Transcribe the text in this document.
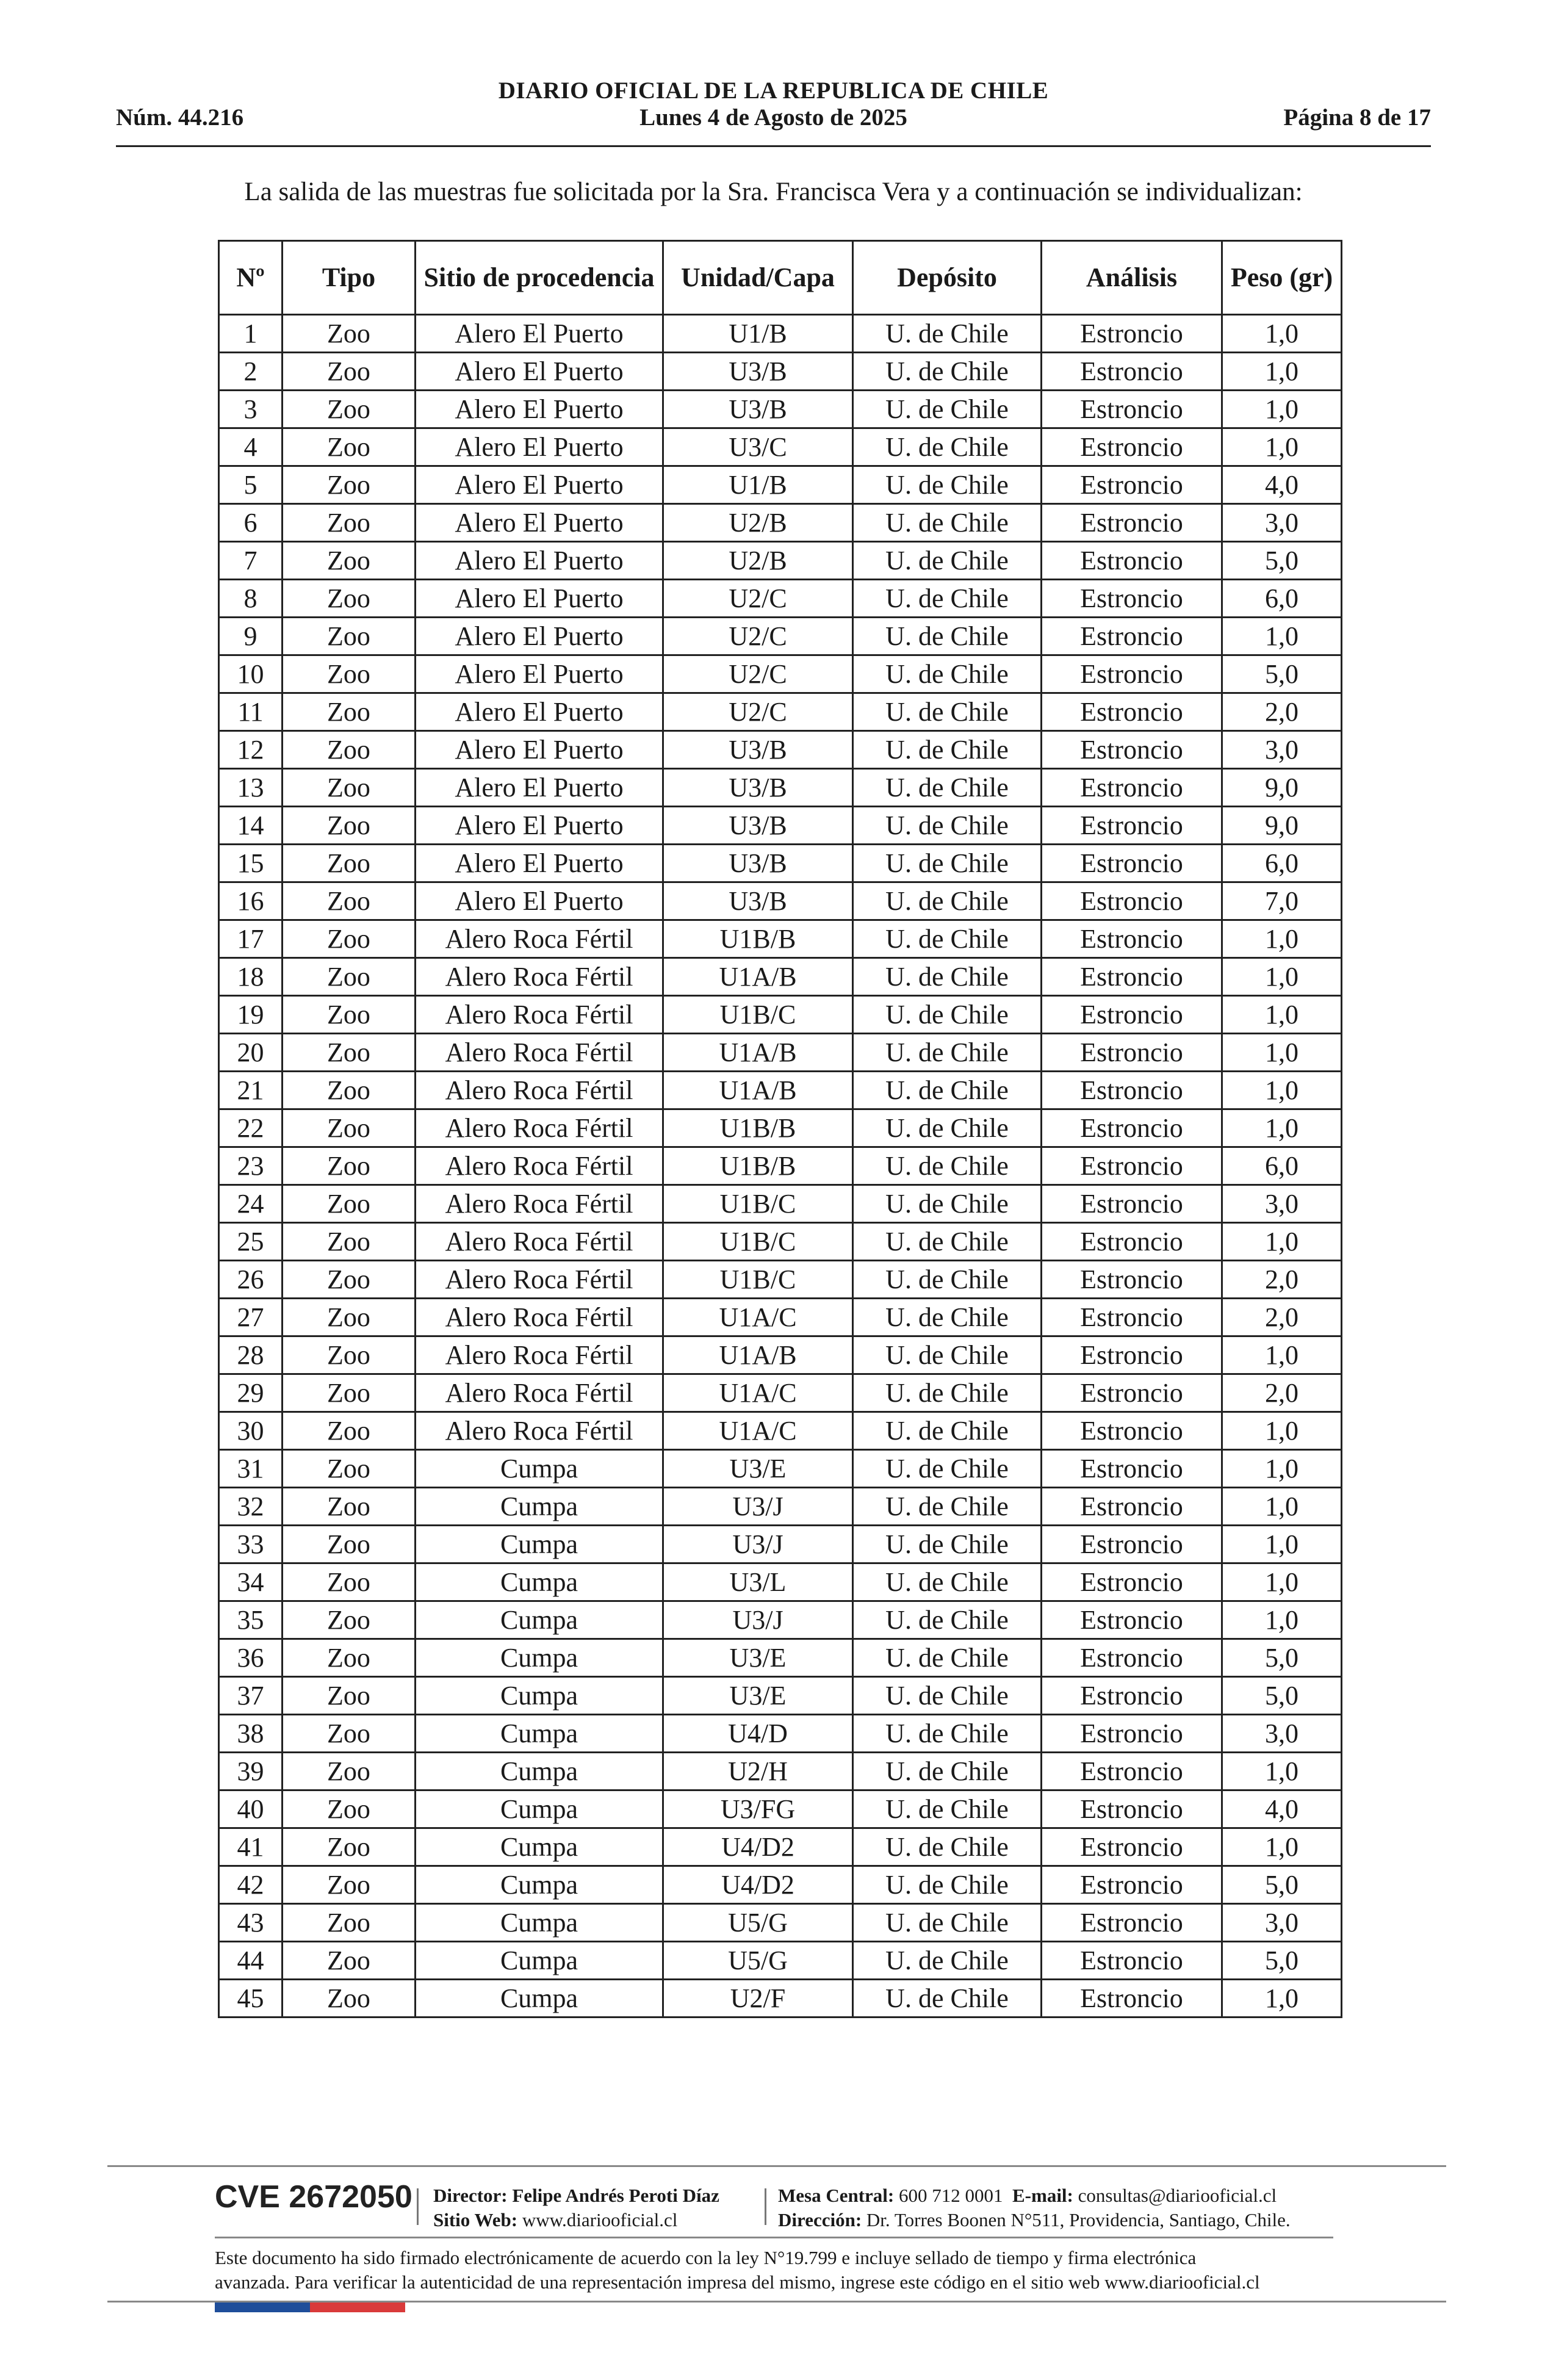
DIARIO OFICIAL DE LA REPUBLICA DE CHILE
Núm. 44.216	Lunes 4 de Agosto de 2025	Página 8 de 17
La salida de las muestras fue solicitada por la Sra. Francisca Vera y a continuación se individualizan:
Nº	Tipo	Sitio de procedencia	Unidad/Capa	Depósito	Análisis	Peso (gr)
1	Zoo	Alero El Puerto	U1/B	U. de Chile	Estroncio	1,0
2	Zoo	Alero El Puerto	U3/B	U. de Chile	Estroncio	1,0
3	Zoo	Alero El Puerto	U3/B	U. de Chile	Estroncio	1,0
4	Zoo	Alero El Puerto	U3/C	U. de Chile	Estroncio	1,0
5	Zoo	Alero El Puerto	U1/B	U. de Chile	Estroncio	4,0
6	Zoo	Alero El Puerto	U2/B	U. de Chile	Estroncio	3,0
7	Zoo	Alero El Puerto	U2/B	U. de Chile	Estroncio	5,0
8	Zoo	Alero El Puerto	U2/C	U. de Chile	Estroncio	6,0
9	Zoo	Alero El Puerto	U2/C	U. de Chile	Estroncio	1,0
10	Zoo	Alero El Puerto	U2/C	U. de Chile	Estroncio	5,0
11	Zoo	Alero El Puerto	U2/C	U. de Chile	Estroncio	2,0
12	Zoo	Alero El Puerto	U3/B	U. de Chile	Estroncio	3,0
13	Zoo	Alero El Puerto	U3/B	U. de Chile	Estroncio	9,0
14	Zoo	Alero El Puerto	U3/B	U. de Chile	Estroncio	9,0
15	Zoo	Alero El Puerto	U3/B	U. de Chile	Estroncio	6,0
16	Zoo	Alero El Puerto	U3/B	U. de Chile	Estroncio	7,0
17	Zoo	Alero Roca Fértil	U1B/B	U. de Chile	Estroncio	1,0
18	Zoo	Alero Roca Fértil	U1A/B	U. de Chile	Estroncio	1,0
19	Zoo	Alero Roca Fértil	U1B/C	U. de Chile	Estroncio	1,0
20	Zoo	Alero Roca Fértil	U1A/B	U. de Chile	Estroncio	1,0
21	Zoo	Alero Roca Fértil	U1A/B	U. de Chile	Estroncio	1,0
22	Zoo	Alero Roca Fértil	U1B/B	U. de Chile	Estroncio	1,0
23	Zoo	Alero Roca Fértil	U1B/B	U. de Chile	Estroncio	6,0
24	Zoo	Alero Roca Fértil	U1B/C	U. de Chile	Estroncio	3,0
25	Zoo	Alero Roca Fértil	U1B/C	U. de Chile	Estroncio	1,0
26	Zoo	Alero Roca Fértil	U1B/C	U. de Chile	Estroncio	2,0
27	Zoo	Alero Roca Fértil	U1A/C	U. de Chile	Estroncio	2,0
28	Zoo	Alero Roca Fértil	U1A/B	U. de Chile	Estroncio	1,0
29	Zoo	Alero Roca Fértil	U1A/C	U. de Chile	Estroncio	2,0
30	Zoo	Alero Roca Fértil	U1A/C	U. de Chile	Estroncio	1,0
31	Zoo	Cumpa	U3/E	U. de Chile	Estroncio	1,0
32	Zoo	Cumpa	U3/J	U. de Chile	Estroncio	1,0
33	Zoo	Cumpa	U3/J	U. de Chile	Estroncio	1,0
34	Zoo	Cumpa	U3/L	U. de Chile	Estroncio	1,0
35	Zoo	Cumpa	U3/J	U. de Chile	Estroncio	1,0
36	Zoo	Cumpa	U3/E	U. de Chile	Estroncio	5,0
37	Zoo	Cumpa	U3/E	U. de Chile	Estroncio	5,0
38	Zoo	Cumpa	U4/D	U. de Chile	Estroncio	3,0
39	Zoo	Cumpa	U2/H	U. de Chile	Estroncio	1,0
40	Zoo	Cumpa	U3/FG	U. de Chile	Estroncio	4,0
41	Zoo	Cumpa	U4/D2	U. de Chile	Estroncio	1,0
42	Zoo	Cumpa	U4/D2	U. de Chile	Estroncio	5,0
43	Zoo	Cumpa	U5/G	U. de Chile	Estroncio	3,0
44	Zoo	Cumpa	U5/G	U. de Chile	Estroncio	5,0
45	Zoo	Cumpa	U2/F	U. de Chile	Estroncio	1,0
CVE 2672050 Director: Felipe Andrés Peroti Díaz
Sitio Web: www.diariooficial.cl
Mesa Central: 600 712 0001 E-mail: consultas@diariooficial.cl
Dirección: Dr. Torres Boonen N°511, Providencia, Santiago, Chile.
Este documento ha sido firmado electrónicamente de acuerdo con la ley N°19.799 e incluye sellado de tiempo y firma electrónica
avanzada. Para verificar la autenticidad de una representación impresa del mismo, ingrese este código en el sitio web www.diariooficial.cl
